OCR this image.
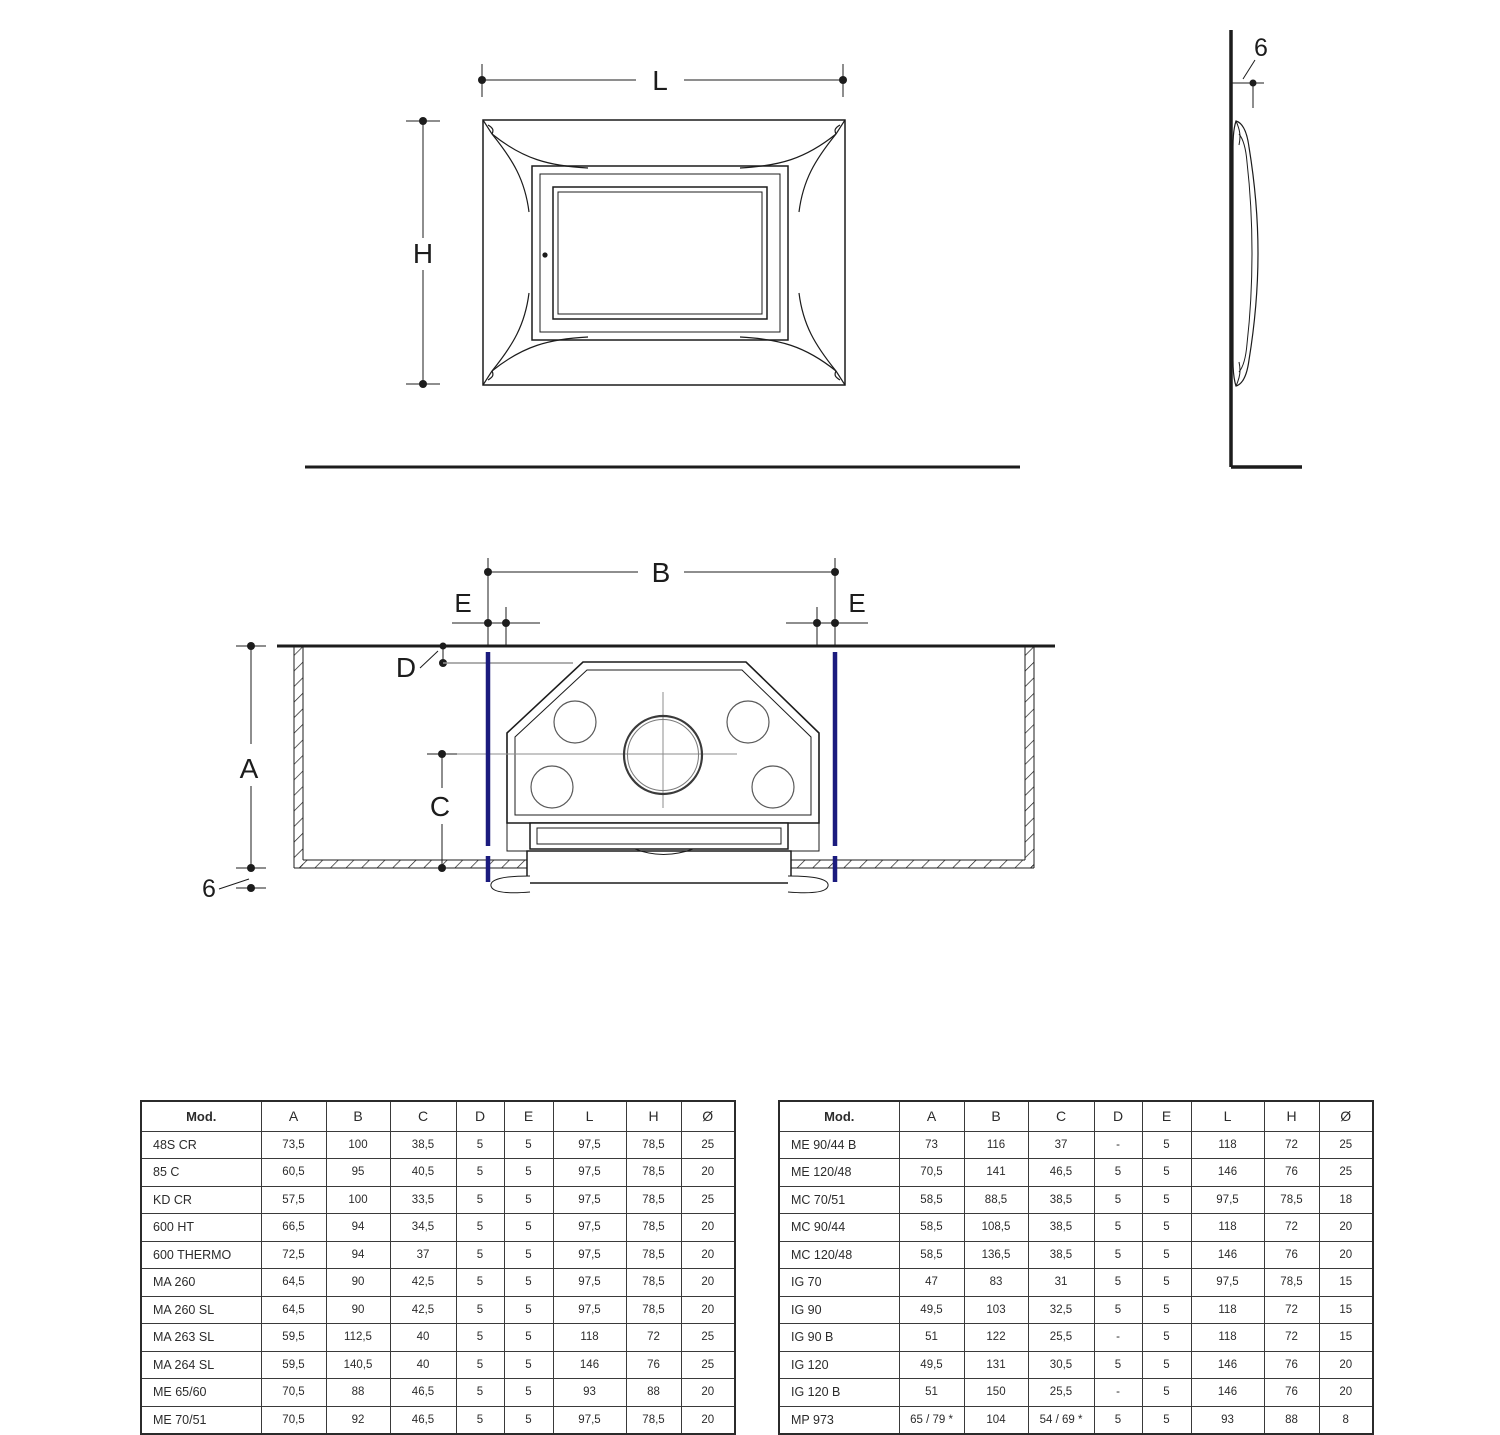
L
H
6
B
E	E
A
6
D
C
Mod.	A	B	C	D	E	L	H	Ø
48S CR	73,5	100	38,5	5	5	97,5	78,5	25
85 C	60,5	95	40,5	5	5	97,5	78,5	20
KD CR	57,5	100	33,5	5	5	97,5	78,5	25
600 HT	66,5	94	34,5	5	5	97,5	78,5	20
600 THERMO	72,5	94	37	5	5	97,5	78,5	20
MA 260	64,5	90	42,5	5	5	97,5	78,5	20
MA 260 SL	64,5	90	42,5	5	5	97,5	78,5	20
MA 263 SL	59,5	112,5	40	5	5	118	72	25
MA 264 SL	59,5	140,5	40	5	5	146	76	25
ME 65/60	70,5	88	46,5	5	5	93	88	20
ME 70/51	70,5	92	46,5	5	5	97,5	78,5	20
Mod.	A	B	C	D	E	L	H	Ø
ME 90/44 B	73	116	37	-	5	118	72	25
ME 120/48	70,5	141	46,5	5	5	146	76	25
MC 70/51	58,5	88,5	38,5	5	5	97,5	78,5	18
MC 90/44	58,5	108,5	38,5	5	5	118	72	20
MC 120/48	58,5	136,5	38,5	5	5	146	76	20
IG 70	47	83	31	5	5	97,5	78,5	15
IG 90	49,5	103	32,5	5	5	118	72	15
IG 90 B	51	122	25,5	-	5	118	72	15
IG 120	49,5	131	30,5	5	5	146	76	20
IG 120 B	51	150	25,5	-	5	146	76	20
MP 973	65 / 79 *	104	54 / 69 *	5	5	93	88	8
